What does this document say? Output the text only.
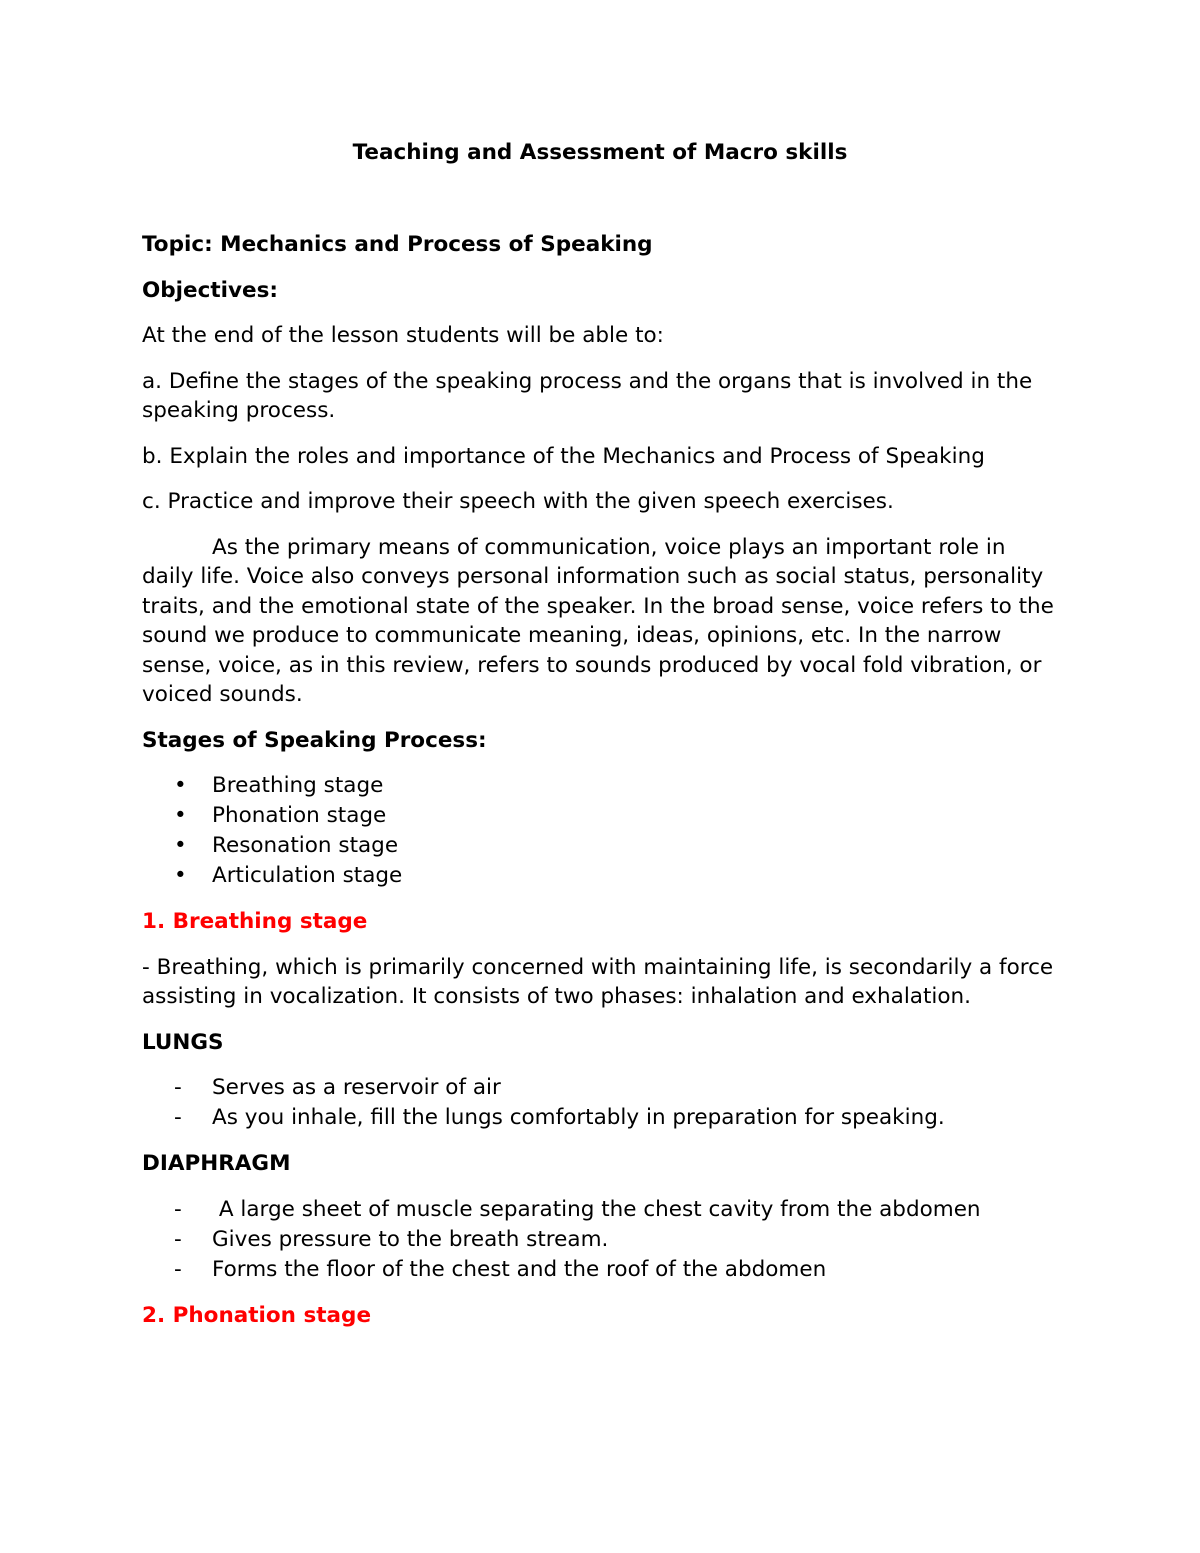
Teaching and Assessment of Macro skills
Topic: Mechanics and Process of Speaking
Objectives:

At the end of the lesson students will be able to:

a. Define the stages of the speaking process and the organs that is involved in the speaking process.

b. Explain the roles and importance of the Mechanics and Process of Speaking

c. Practice and improve their speech with the given speech exercises.

As the primary means of communication, voice plays an important role in daily life. Voice also conveys personal information such as social status, personality traits, and the emotional state of the speaker. In the broad sense, voice refers to the sound we produce to communicate meaning, ideas, opinions, etc. In the narrow sense, voice, as in this review, refers to sounds produced by vocal fold vibration, or voiced sounds.

Stages of Speaking Process:
• Breathing stage
• Phonation stage
• Resonation stage
• Articulation stage
1. Breathing stage

- Breathing, which is primarily concerned with maintaining life, is secondarily a force assisting in vocalization. It consists of two phases: inhalation and exhalation.

LUNGS
- Serves as a reservoir of air
- As you inhale, fill the lungs comfortably in preparation for speaking.
DIAPHRAGM
- A large sheet of muscle separating the chest cavity from the abdomen
- Gives pressure to the breath stream.
- Forms the floor of the chest and the roof of the abdomen
2. Phonation stage
